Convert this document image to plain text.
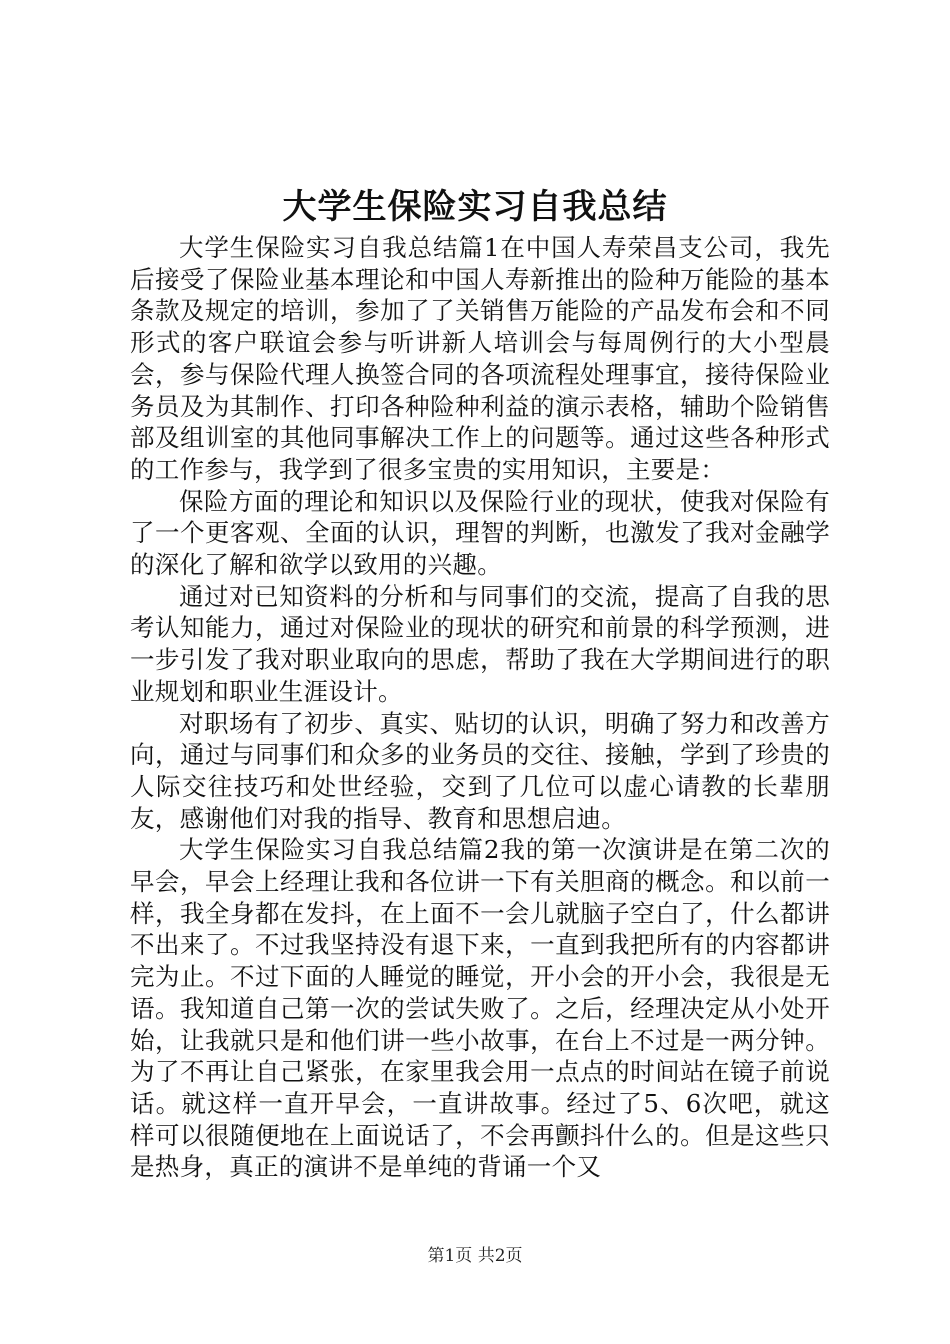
大学生保险实习自我总结

大学生保险实习自我总结篇1在中国人寿荣昌支公司，我先后接受了保险业基本理论和中国人寿新推出的险种万能险的基本条款及规定的培训，参加了了关销售万能险的产品发布会和不同形式的客户联谊会参与听讲新人培训会与每周例行的大小型晨会，参与保险代理人换签合同的各项流程处理事宜，接待保险业务员及为其制作、打印各种险种利益的演示表格，辅助个险销售部及组训室的其他同事解决工作上的问题等。通过这些各种形式的工作参与，我学到了很多宝贵的实用知识，主要是：

保险方面的理论和知识以及保险行业的现状，使我对保险有了一个更客观、全面的认识，理智的判断，也激发了我对金融学的深化了解和欲学以致用的兴趣。

通过对已知资料的分析和与同事们的交流，提高了自我的思考认知能力，通过对保险业的现状的研究和前景的科学预测，进一步引发了我对职业取向的思虑，帮助了我在大学期间进行的职业规划和职业生涯设计。

对职场有了初步、真实、贴切的认识，明确了努力和改善方向，通过与同事们和众多的业务员的交往、接触，学到了珍贵的人际交往技巧和处世经验，交到了几位可以虚心请教的长辈朋友，感谢他们对我的指导、教育和思想启迪。

大学生保险实习自我总结篇2我的第一次演讲是在第二次的早会，早会上经理让我和各位讲一下有关胆商的概念。和以前一样，我全身都在发抖，在上面不一会儿就脑子空白了，什么都讲不出来了。不过我坚持没有退下来，一直到我把所有的内容都讲完为止。不过下面的人睡觉的睡觉，开小会的开小会，我很是无语。我知道自己第一次的尝试失败了。之后，经理决定从小处开始，让我就只是和他们讲一些小故事，在台上不过是一两分钟。为了不再让自己紧张，在家里我会用一点点的时间站在镜子前说话。就这样一直开早会，一直讲故事。经过了5、6次吧，就这样可以很随便地在上面说话了，不会再颤抖什么的。但是这些只是热身，真正的演讲不是单纯的背诵一个又

第1页 共2页
